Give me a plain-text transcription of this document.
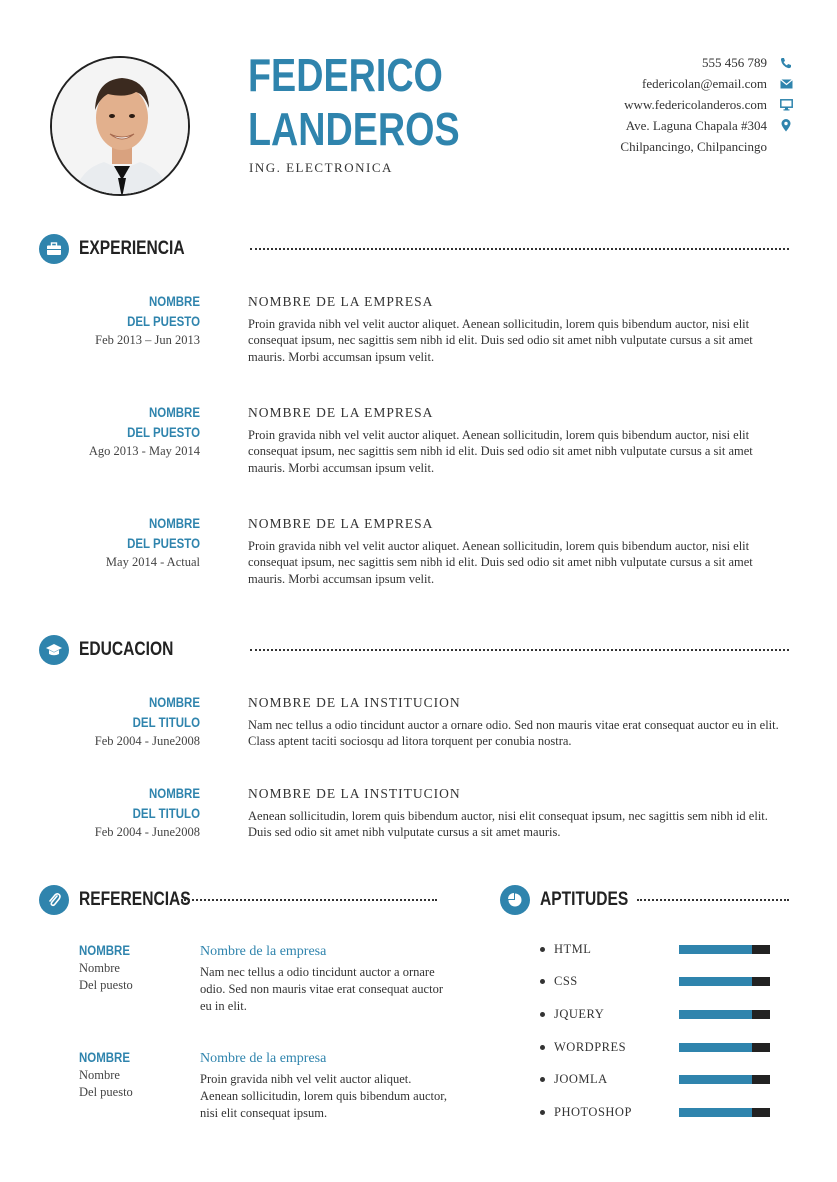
FEDERICO
LANDEROS
ING. ELECTRONICA
555 456 789
federicolan@email.com
www.federicolanderos.com
Ave. Laguna Chapala #304
Chilpancingo, Chilpancingo
EXPERIENCIA
NOMBRE
DEL PUESTO
Feb 2013 – Jun 2013
NOMBRE DE LA EMPRESA
Proin gravida nibh vel velit auctor aliquet. Aenean sollicitudin, lorem quis bibendum auctor, nisi elit consequat ipsum, nec sagittis sem nibh id elit. Duis sed odio sit amet nibh vulputate cursus a sit amet mauris. Morbi accumsan ipsum velit.
NOMBRE
DEL PUESTO
Ago 2013 - May 2014
NOMBRE DE LA EMPRESA
Proin gravida nibh vel velit auctor aliquet. Aenean sollicitudin, lorem quis bibendum auctor, nisi elit consequat ipsum, nec sagittis sem nibh id elit. Duis sed odio sit amet nibh vulputate cursus a sit amet mauris. Morbi accumsan ipsum velit.
NOMBRE
DEL PUESTO
May 2014 - Actual
NOMBRE DE LA EMPRESA
Proin gravida nibh vel velit auctor aliquet. Aenean sollicitudin, lorem quis bibendum auctor, nisi elit consequat ipsum, nec sagittis sem nibh id elit. Duis sed odio sit amet nibh vulputate cursus a sit amet mauris. Morbi accumsan ipsum velit.
EDUCACION
NOMBRE
DEL TITULO
Feb 2004 - June2008
NOMBRE DE LA INSTITUCION
Nam nec tellus a odio tincidunt auctor a ornare odio. Sed non mauris vitae erat consequat auctor eu in elit. Class aptent taciti sociosqu ad litora torquent per conubia nostra.
NOMBRE
DEL TITULO
Feb 2004 - June2008
NOMBRE DE LA INSTITUCION
Aenean sollicitudin, lorem quis bibendum auctor, nisi elit consequat ipsum, nec sagittis sem nibh id elit. Duis sed odio sit amet nibh vulputate cursus a sit amet mauris.
REFERENCIAS
NOMBRE
Nombre
Del puesto
Nombre de la empresa
Nam nec tellus a odio tincidunt auctor a ornare odio. Sed non mauris vitae erat consequat auctor eu in elit.
NOMBRE
Nombre
Del puesto
Nombre de la empresa
Proin gravida nibh vel velit auctor aliquet. Aenean sollicitudin, lorem quis bibendum auctor, nisi elit consequat ipsum.
APTITUDES
HTML
CSS
JQUERY
WORDPRES
JOOMLA
PHOTOSHOP
